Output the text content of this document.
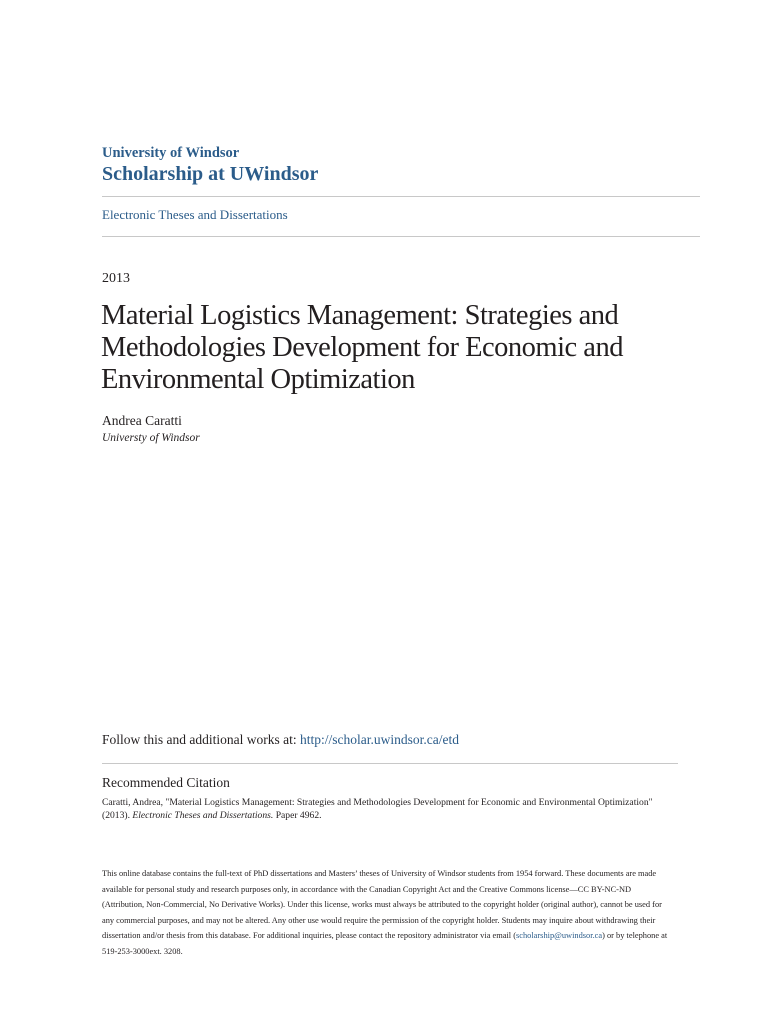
University of Windsor
Scholarship at UWindsor
Electronic Theses and Dissertations
2013
Material Logistics Management: Strategies and Methodologies Development for Economic and Environmental Optimization
Andrea Caratti
Universty of Windsor
Follow this and additional works at: http://scholar.uwindsor.ca/etd
Recommended Citation
Caratti, Andrea, "Material Logistics Management: Strategies and Methodologies Development for Economic and Environmental Optimization" (2013). Electronic Theses and Dissertations. Paper 4962.
This online database contains the full-text of PhD dissertations and Masters’ theses of University of Windsor students from 1954 forward. These documents are made available for personal study and research purposes only, in accordance with the Canadian Copyright Act and the Creative Commons license—CC BY-NC-ND (Attribution, Non-Commercial, No Derivative Works). Under this license, works must always be attributed to the copyright holder (original author), cannot be used for any commercial purposes, and may not be altered. Any other use would require the permission of the copyright holder. Students may inquire about withdrawing their dissertation and/or thesis from this database. For additional inquiries, please contact the repository administrator via email (scholarship@uwindsor.ca) or by telephone at 519-253-3000ext. 3208.
